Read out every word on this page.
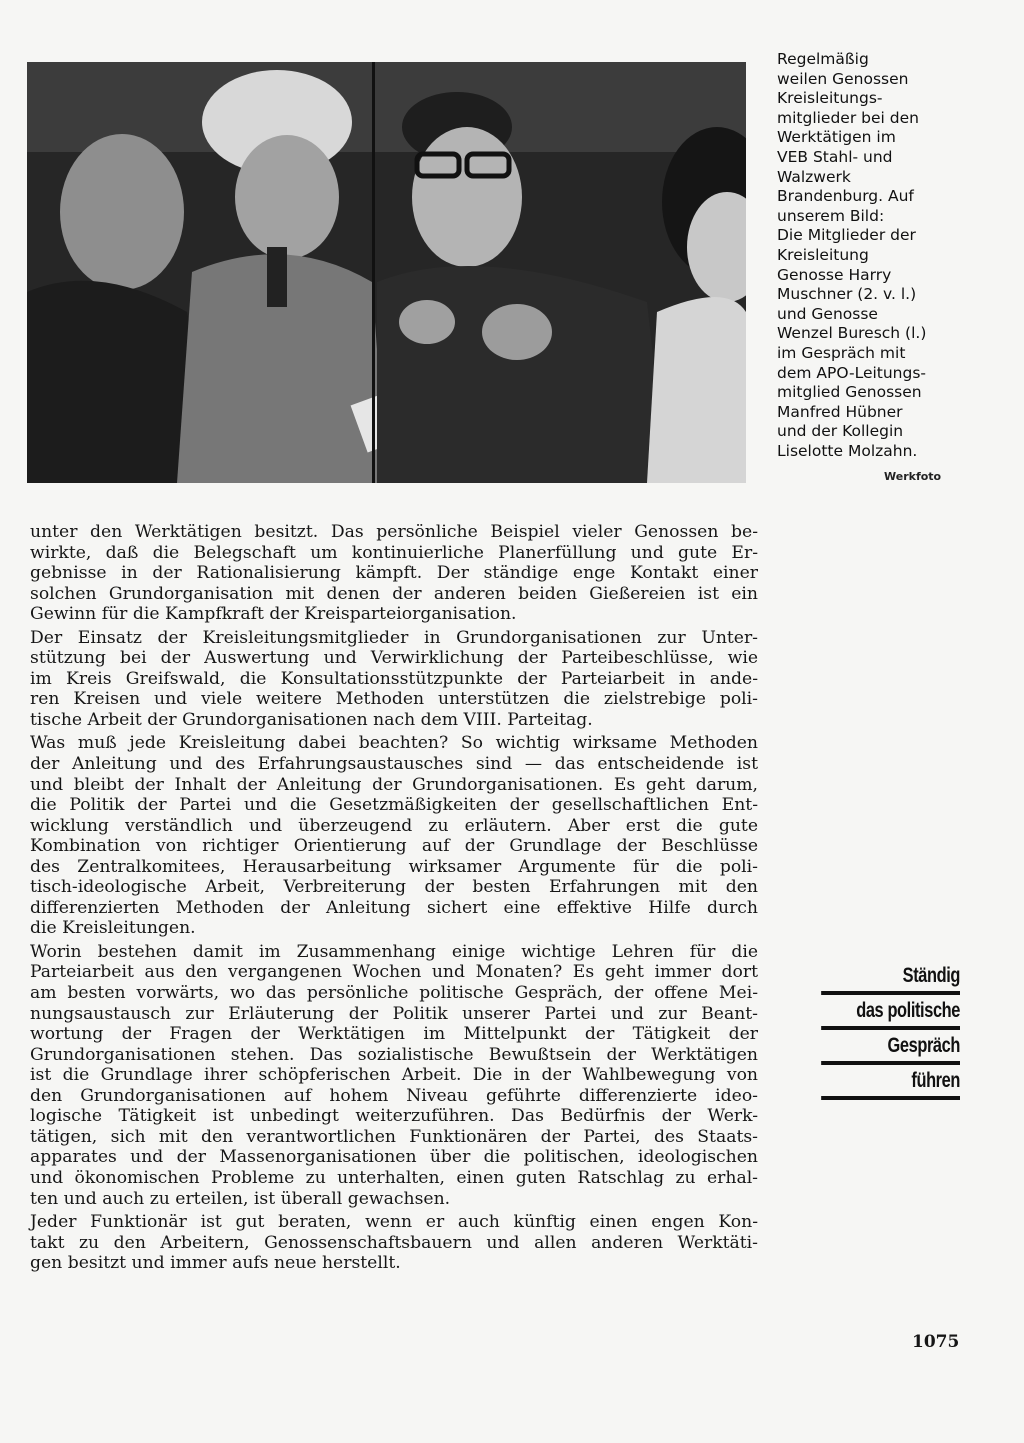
Regelmäßig
weilen Genossen
Kreisleitungs-
mitglieder bei den
Werktätigen im
VEB Stahl- und
Walzwerk
Brandenburg. Auf
unserem Bild:
Die Mitglieder der
Kreisleitung
Genosse Harry
Muschner (2. v. l.)
und Genosse
Wenzel Buresch (l.)
im Gespräch mit
dem APO-Leitungs-
mitglied Genossen
Manfred Hübner
und der Kollegin
Liselotte Molzahn.
Werkfoto
unter den Werktätigen besitzt. Das persönliche Beispiel vieler Genossen be-
wirkte, daß die Belegschaft um kontinuierliche Planerfüllung und gute Er-
gebnisse in der Rationalisierung kämpft. Der ständige enge Kontakt einer
solchen Grundorganisation mit denen der anderen beiden Gießereien ist ein
Gewinn für die Kampfkraft der Kreisparteiorganisation.
Der Einsatz der Kreisleitungsmitglieder in Grundorganisationen zur Unter-
stützung bei der Auswertung und Verwirklichung der Parteibeschlüsse, wie
im Kreis Greifswald, die Konsultationsstützpunkte der Parteiarbeit in ande-
ren Kreisen und viele weitere Methoden unterstützen die zielstrebige poli-
tische Arbeit der Grundorganisationen nach dem VIII. Parteitag.
Was muß jede Kreisleitung dabei beachten? So wichtig wirksame Methoden
der Anleitung und des Erfahrungsaustausches sind — das entscheidende ist
und bleibt der Inhalt der Anleitung der Grundorganisationen. Es geht darum,
die Politik der Partei und die Gesetzmäßigkeiten der gesellschaftlichen Ent-
wicklung verständlich und überzeugend zu erläutern. Aber erst die gute
Kombination von richtiger Orientierung auf der Grundlage der Beschlüsse
des Zentralkomitees, Herausarbeitung wirksamer Argumente für die poli-
tisch-ideologische Arbeit, Verbreiterung der besten Erfahrungen mit den
differenzierten Methoden der Anleitung sichert eine effektive Hilfe durch
die Kreisleitungen.
Worin bestehen damit im Zusammenhang einige wichtige Lehren für die
Parteiarbeit aus den vergangenen Wochen und Monaten? Es geht immer dort
am besten vorwärts, wo das persönliche politische Gespräch, der offene Mei-
nungsaustausch zur Erläuterung der Politik unserer Partei und zur Beant-
wortung der Fragen der Werktätigen im Mittelpunkt der Tätigkeit der
Grundorganisationen stehen. Das sozialistische Bewußtsein der Werktätigen
ist die Grundlage ihrer schöpferischen Arbeit. Die in der Wahlbewegung von
den Grundorganisationen auf hohem Niveau geführte differenzierte ideo-
logische Tätigkeit ist unbedingt weiterzuführen. Das Bedürfnis der Werk-
tätigen, sich mit den verantwortlichen Funktionären der Partei, des Staats-
apparates und der Massenorganisationen über die politischen, ideologischen
und ökonomischen Probleme zu unterhalten, einen guten Ratschlag zu erhal-
ten und auch zu erteilen, ist überall gewachsen.
Jeder Funktionär ist gut beraten, wenn er auch künftig einen engen Kon-
takt zu den Arbeitern, Genossenschaftsbauern und allen anderen Werktäti-
gen besitzt und immer aufs neue herstellt.
Ständig
das politische
Gespräch
führen
1075
